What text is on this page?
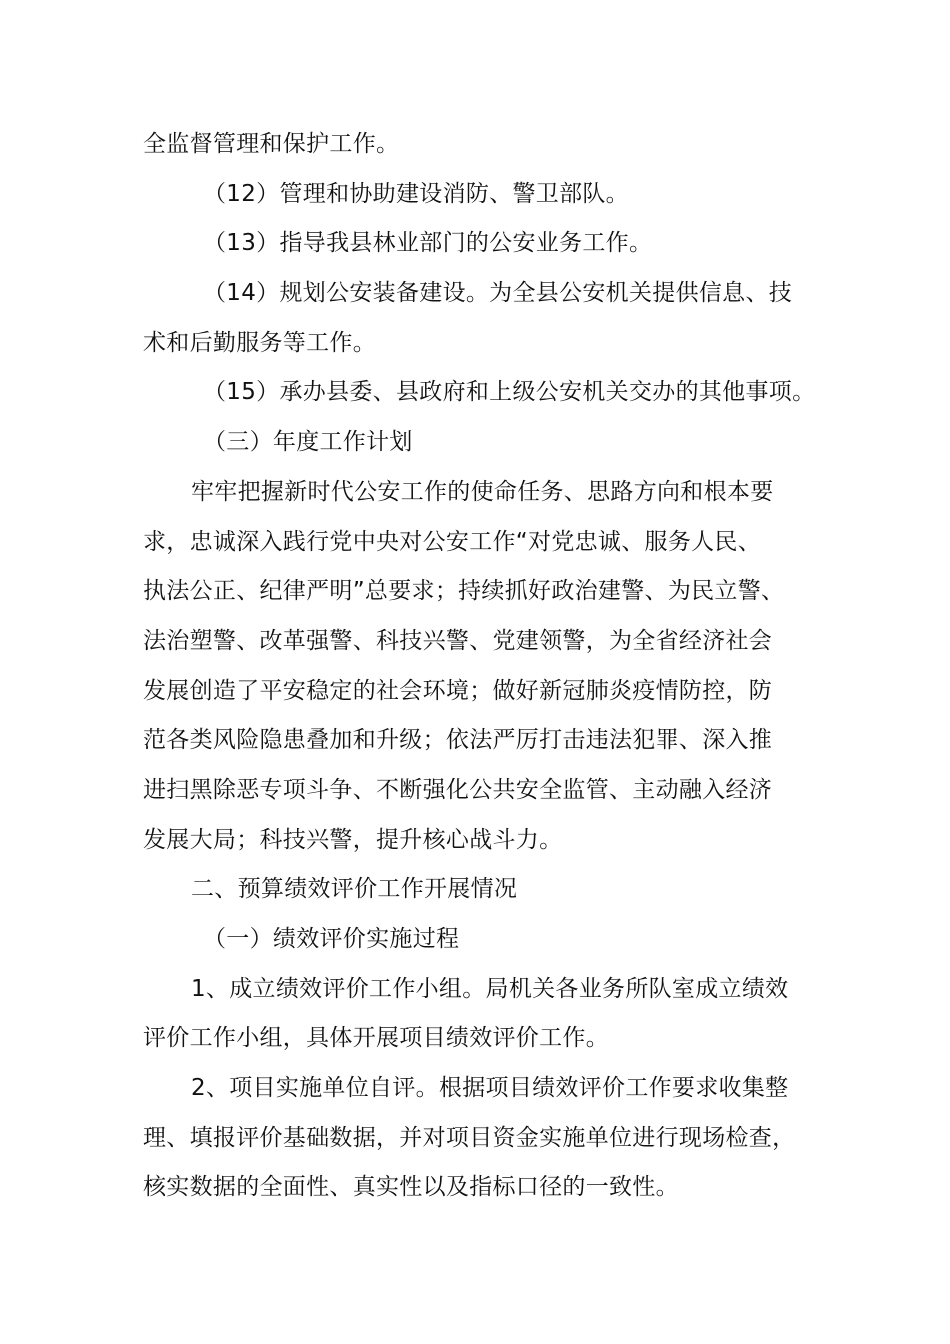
全监督管理和保护工作。
（12）管理和协助建设消防、警卫部队。
（13）指导我县林业部门的公安业务工作。
（14）规划公安装备建设。为全县公安机关提供信息、技
术和后勤服务等工作。
（15）承办县委、县政府和上级公安机关交办的其他事项。
（三）年度工作计划
牢牢把握新时代公安工作的使命任务、思路方向和根本要
求，忠诚深入践行党中央对公安工作“对党忠诚、服务人民、
执法公正、纪律严明”总要求；持续抓好政治建警、为民立警、
法治塑警、改革强警、科技兴警、党建领警，为全省经济社会
发展创造了平安稳定的社会环境；做好新冠肺炎疫情防控，防
范各类风险隐患叠加和升级；依法严厉打击违法犯罪、深入推
进扫黑除恶专项斗争、不断强化公共安全监管、主动融入经济
发展大局；科技兴警，提升核心战斗力。
二、预算绩效评价工作开展情况
（一）绩效评价实施过程
1、成立绩效评价工作小组。局机关各业务所队室成立绩效
评价工作小组，具体开展项目绩效评价工作。
2、项目实施单位自评。根据项目绩效评价工作要求收集整
理、填报评价基础数据，并对项目资金实施单位进行现场检查，
核实数据的全面性、真实性以及指标口径的一致性。
